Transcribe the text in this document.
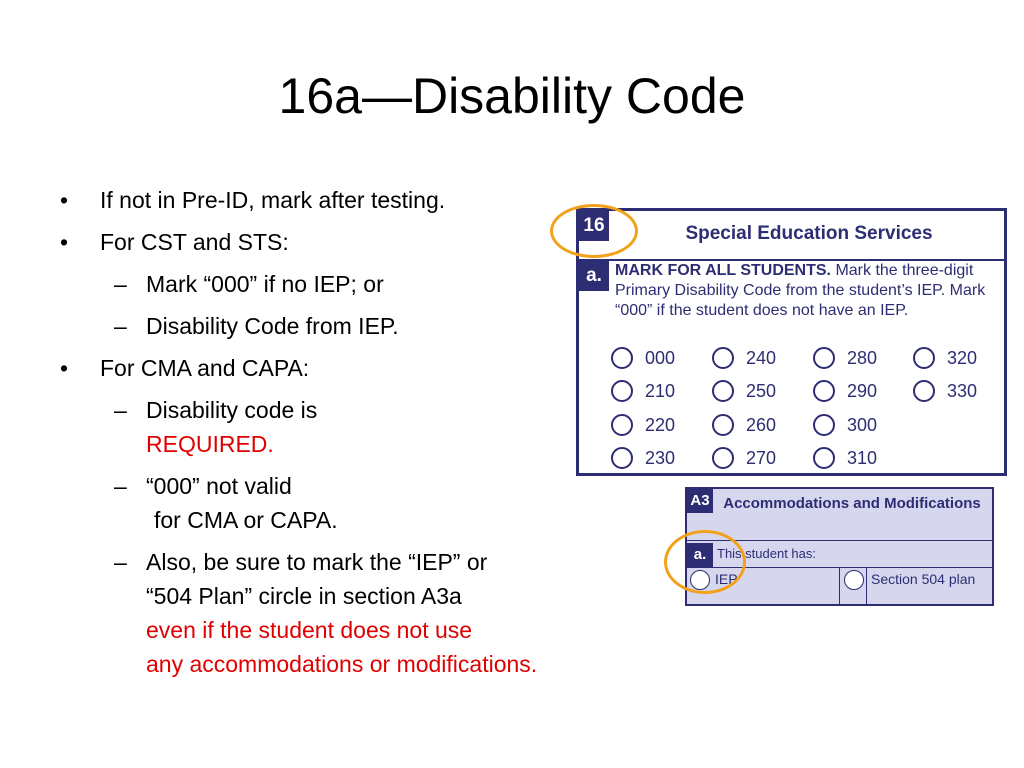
16a—Disability Code
• If not in Pre-ID, mark after testing.
• For CST and STS:
– Mark “000” if no IEP; or
– Disability Code from IEP.
• For CMA and CAPA:
– Disability code is
REQUIRED.
– “000” not valid
for CMA or CAPA.
– Also, be sure to mark the “IEP” or
“504 Plan” circle in section A3a
even if the student does not use
any accommodations or modifications.
16	Special Education Services
a. MARK FOR ALL STUDENTS. Mark the three-digit Primary Disability Code from the student’s IEP. Mark “000” if the student does not have an IEP.
000
210
220
230
240
250
260
270
280
290
300
310
320
330
A3 Accommodations and Modifications
a. This student has:
IEP	Section 504 plan
